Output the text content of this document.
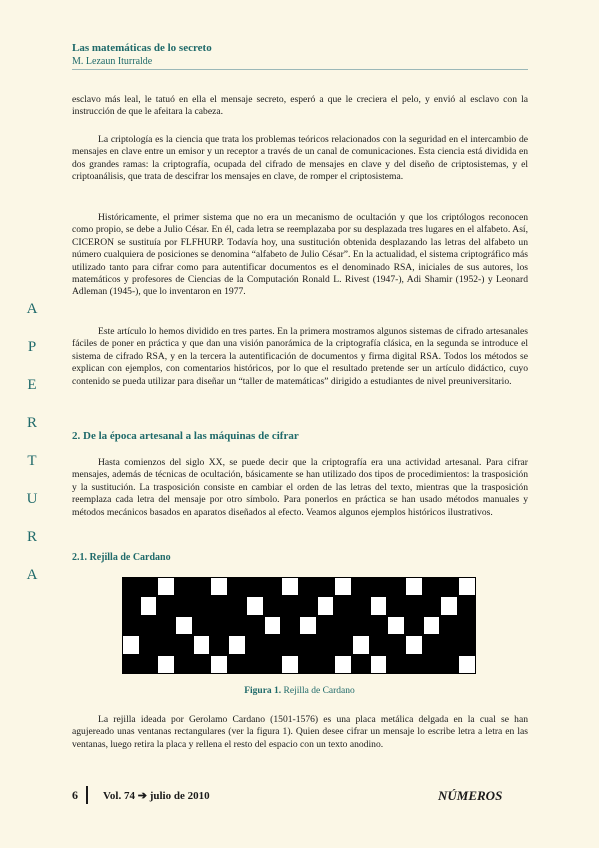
Las matemáticas de lo secreto
M. Lezaun Iturralde
A
P
E
R
T
U
R
A

esclavo más leal, le tatuó en ella el mensaje secreto, esperó a que le creciera el pelo, y envió al esclavo con la instrucción de que le afeitara la cabeza.

La criptología es la ciencia que trata los problemas teóricos relacionados con la seguridad en el intercambio de mensajes en clave entre un emisor y un receptor a través de un canal de comunicaciones. Esta ciencia está dividida en dos grandes ramas: la criptografía, ocupada del cifrado de mensajes en clave y del diseño de criptosistemas, y el criptoanálisis, que trata de descifrar los mensajes en clave, de romper el criptosistema.

Históricamente, el primer sistema que no era un mecanismo de ocultación y que los criptólogos reconocen como propio, se debe a Julio César. En él, cada letra se reemplazaba por su desplazada tres lugares en el alfabeto. Así, CICERON se sustituía por FLFHURP. Todavía hoy, una sustitución obtenida desplazando las letras del alfabeto un número cualquiera de posiciones se denomina “alfabeto de Julio César”. En la actualidad, el sistema criptográfico más utilizado tanto para cifrar como para autentificar documentos es el denominado RSA, iniciales de sus autores, los matemáticos y profesores de Ciencias de la Computación Ronald L. Rivest (1947-), Adi Shamir (1952-) y Leonard Adleman (1945-), que lo inventaron en 1977.

Este artículo lo hemos dividido en tres partes. En la primera mostramos algunos sistemas de cifrado artesanales fáciles de poner en práctica y que dan una visión panorámica de la criptografía clásica, en la segunda se introduce el sistema de cifrado RSA, y en la tercera la autentificación de documentos y firma digital RSA. Todos los métodos se explican con ejemplos, con comentarios históricos, por lo que el resultado pretende ser un artículo didáctico, cuyo contenido se pueda utilizar para diseñar un “taller de matemáticas” dirigido a estudiantes de nivel preuniversitario.

2. De la época artesanal a las máquinas de cifrar

Hasta comienzos del siglo XX, se puede decir que la criptografía era una actividad artesanal. Para cifrar mensajes, además de técnicas de ocultación, básicamente se han utilizado dos tipos de procedimientos: la trasposición y la sustitución. La trasposición consiste en cambiar el orden de las letras del texto, mientras que la trasposición reemplaza cada letra del mensaje por otro símbolo. Para ponerlos en práctica se han usado métodos manuales y métodos mecánicos basados en aparatos diseñados al efecto. Veamos algunos ejemplos históricos ilustrativos.

2.1. Rejilla de Cardano
Figura 1. Rejilla de Cardano

La rejilla ideada por Gerolamo Cardano (1501-1576) es una placa metálica delgada en la cual se han agujereado unas ventanas rectangulares (ver la figura 1). Quien desee cifrar un mensaje lo escribe letra a letra en las ventanas, luego retira la placa y rellena el resto del espacio con un texto anodino.

6 Vol. 74 ➔ julio de 2010	NÚMEROS
